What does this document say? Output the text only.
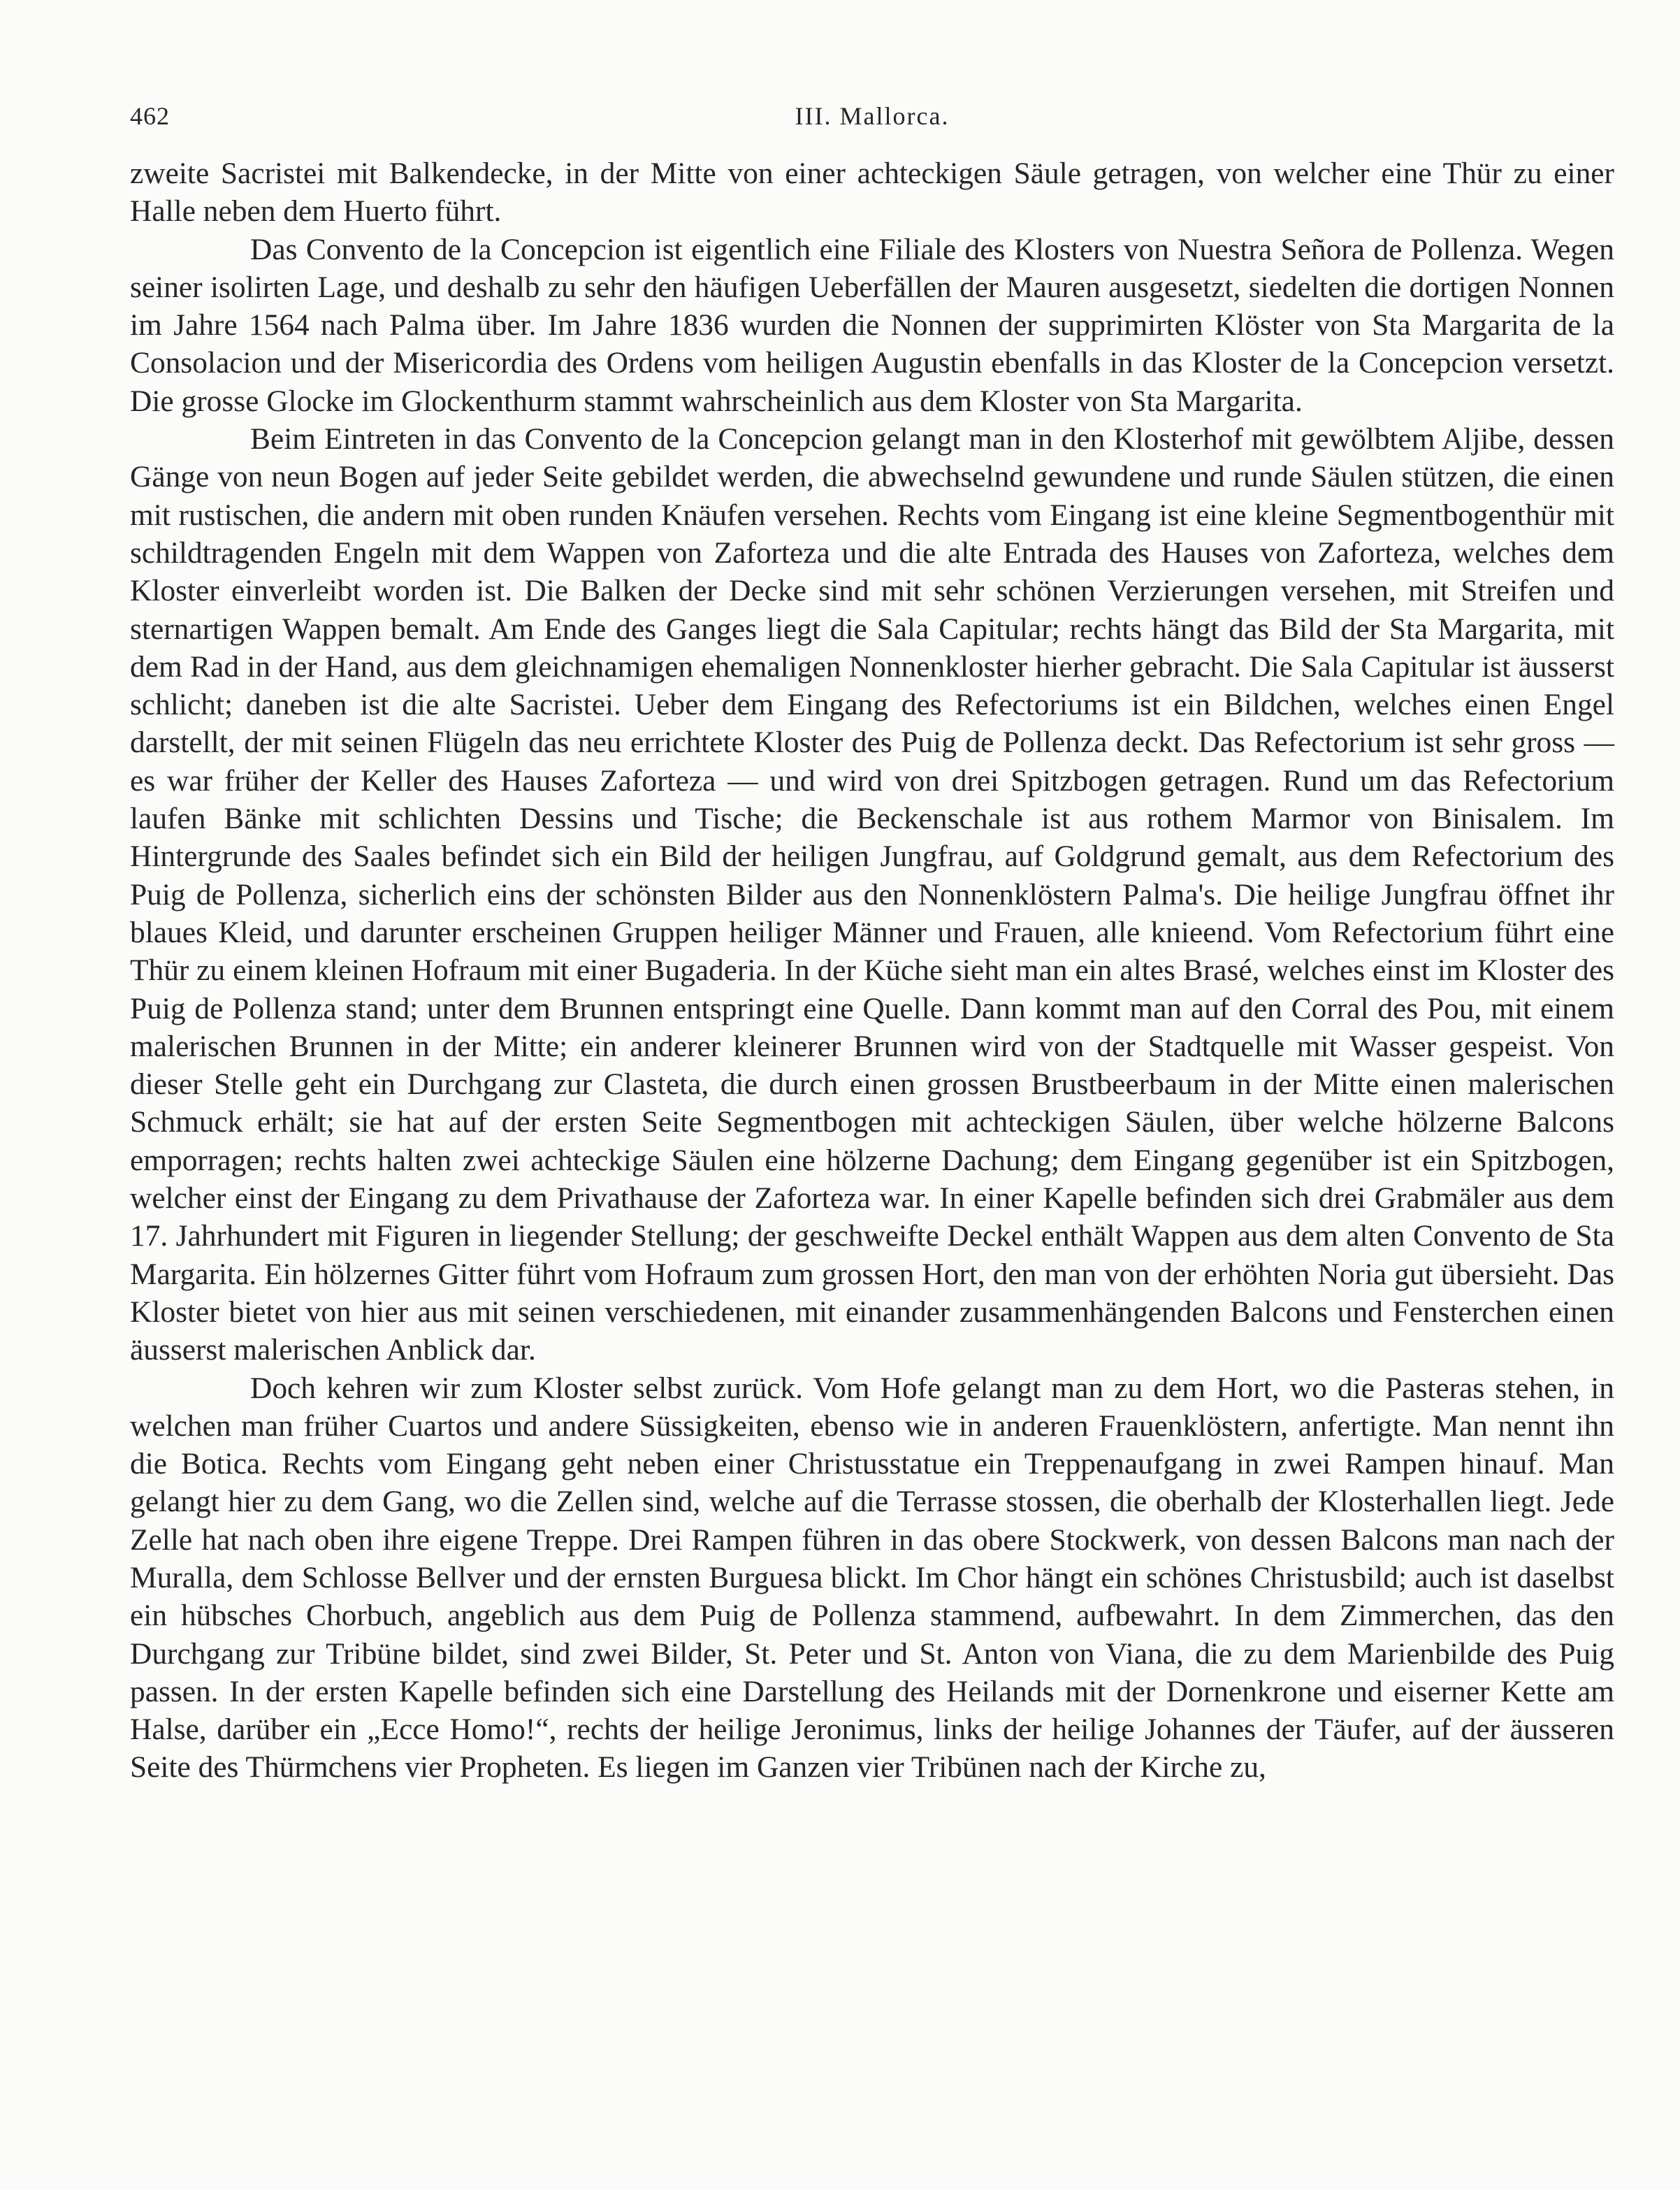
462	III. Mallorca.

zweite Sacristei mit Balkendecke, in der Mitte von einer achteckigen Säule getragen, von welcher eine Thür zu einer Halle neben dem Huerto führt.

Das Convento de la Concepcion ist eigentlich eine Filiale des Klosters von Nuestra Señora de Pollenza. Wegen seiner isolirten Lage, und deshalb zu sehr den häufigen Ueberfällen der Mauren ausgesetzt, siedelten die dortigen Nonnen im Jahre 1564 nach Palma über. Im Jahre 1836 wurden die Nonnen der supprimirten Klöster von Sta Margarita de la Consolacion und der Misericordia des Ordens vom heiligen Augustin ebenfalls in das Kloster de la Concepcion versetzt. Die grosse Glocke im Glockenthurm stammt wahrscheinlich aus dem Kloster von Sta Margarita.

Beim Eintreten in das Convento de la Concepcion gelangt man in den Klosterhof mit gewölbtem Aljibe, dessen Gänge von neun Bogen auf jeder Seite gebildet werden, die abwechselnd gewundene und runde Säulen stützen, die einen mit rustischen, die andern mit oben runden Knäufen versehen. Rechts vom Eingang ist eine kleine Segmentbogenthür mit schildtragenden Engeln mit dem Wappen von Zaforteza und die alte Entrada des Hauses von Zaforteza, welches dem Kloster einverleibt worden ist. Die Balken der Decke sind mit sehr schönen Verzierungen versehen, mit Streifen und sternartigen Wappen bemalt. Am Ende des Ganges liegt die Sala Capitular; rechts hängt das Bild der Sta Margarita, mit dem Rad in der Hand, aus dem gleichnamigen ehemaligen Nonnenkloster hierher gebracht. Die Sala Capitular ist äusserst schlicht; daneben ist die alte Sacristei. Ueber dem Eingang des Refectoriums ist ein Bildchen, welches einen Engel darstellt, der mit seinen Flügeln das neu errichtete Kloster des Puig de Pollenza deckt. Das Refectorium ist sehr gross — es war früher der Keller des Hauses Zaforteza — und wird von drei Spitzbogen getragen. Rund um das Refectorium laufen Bänke mit schlichten Dessins und Tische; die Beckenschale ist aus rothem Marmor von Binisalem. Im Hintergrunde des Saales befindet sich ein Bild der heiligen Jungfrau, auf Goldgrund gemalt, aus dem Refectorium des Puig de Pollenza, sicherlich eins der schönsten Bilder aus den Nonnenklöstern Palma's. Die heilige Jungfrau öffnet ihr blaues Kleid, und darunter erscheinen Gruppen heiliger Männer und Frauen, alle knieend. Vom Refectorium führt eine Thür zu einem kleinen Hofraum mit einer Bugaderia. In der Küche sieht man ein altes Brasé, welches einst im Kloster des Puig de Pollenza stand; unter dem Brunnen entspringt eine Quelle. Dann kommt man auf den Corral des Pou, mit einem malerischen Brunnen in der Mitte; ein anderer kleinerer Brunnen wird von der Stadtquelle mit Wasser gespeist. Von dieser Stelle geht ein Durchgang zur Clasteta, die durch einen grossen Brustbeerbaum in der Mitte einen malerischen Schmuck erhält; sie hat auf der ersten Seite Segmentbogen mit achteckigen Säulen, über welche hölzerne Balcons emporragen; rechts halten zwei achteckige Säulen eine hölzerne Dachung; dem Eingang gegenüber ist ein Spitzbogen, welcher einst der Eingang zu dem Privathause der Zaforteza war. In einer Kapelle befinden sich drei Grabmäler aus dem 17. Jahrhundert mit Figuren in liegender Stellung; der geschweifte Deckel enthält Wappen aus dem alten Convento de Sta Margarita. Ein hölzernes Gitter führt vom Hofraum zum grossen Hort, den man von der erhöhten Noria gut übersieht. Das Kloster bietet von hier aus mit seinen verschiedenen, mit einander zusammenhängenden Balcons und Fensterchen einen äusserst malerischen Anblick dar.

Doch kehren wir zum Kloster selbst zurück. Vom Hofe gelangt man zu dem Hort, wo die Pasteras stehen, in welchen man früher Cuartos und andere Süssigkeiten, ebenso wie in anderen Frauenklöstern, anfertigte. Man nennt ihn die Botica. Rechts vom Eingang geht neben einer Christusstatue ein Treppenaufgang in zwei Rampen hinauf. Man gelangt hier zu dem Gang, wo die Zellen sind, welche auf die Terrasse stossen, die oberhalb der Klosterhallen liegt. Jede Zelle hat nach oben ihre eigene Treppe. Drei Rampen führen in das obere Stockwerk, von dessen Balcons man nach der Muralla, dem Schlosse Bellver und der ernsten Burguesa blickt. Im Chor hängt ein schönes Christusbild; auch ist daselbst ein hübsches Chorbuch, angeblich aus dem Puig de Pollenza stammend, aufbewahrt. In dem Zimmerchen, das den Durchgang zur Tribüne bildet, sind zwei Bilder, St. Peter und St. Anton von Viana, die zu dem Marienbilde des Puig passen. In der ersten Kapelle befinden sich eine Darstellung des Heilands mit der Dornenkrone und eiserner Kette am Halse, darüber ein „Ecce Homo!“, rechts der heilige Jeronimus, links der heilige Johannes der Täufer, auf der äusseren Seite des Thürmchens vier Propheten. Es liegen im Ganzen vier Tribünen nach der Kirche zu,
